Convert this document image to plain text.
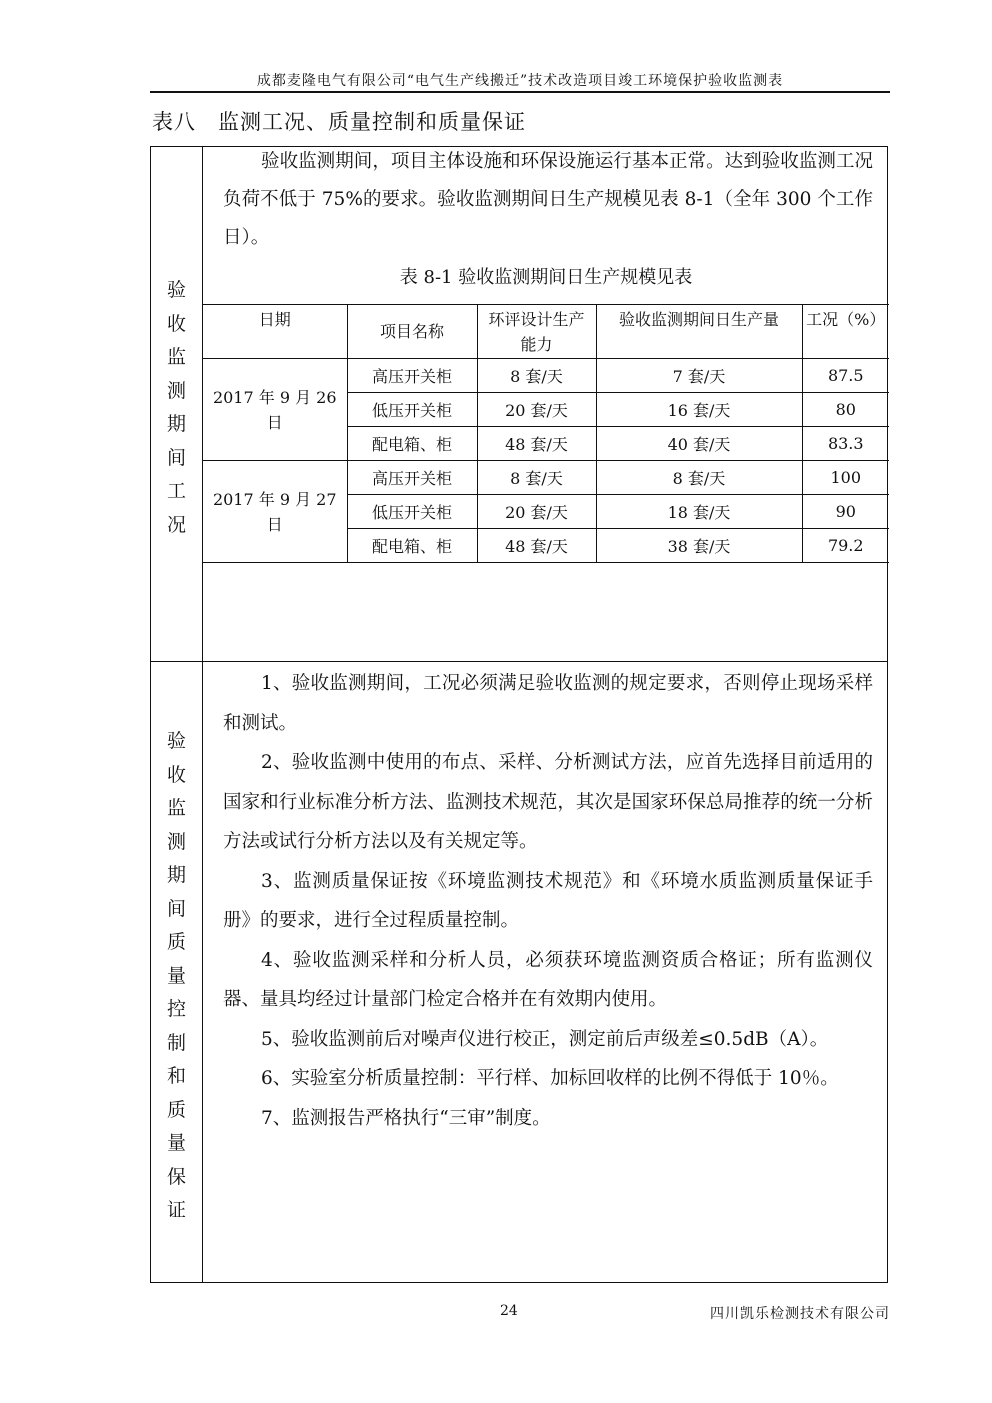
成都麦隆电气有限公司“电气生产线搬迁”技术改造项目竣工环境保护验收监测表
表八　监测工况、质量控制和质量保证
验
收
监
测
期
间
工
况
验收监测期间，项目主体设施和环保设施运行基本正常。达到验收监测工况负荷不低于 75%的要求。验收监测期间日生产规模见表 8-1（全年 300 个工作日）。
表 8-1 验收监测期间日生产规模见表
日期	项目名称	环评设计生产能力	验收监测期间日生产量	工况（%）
2017 年 9 月 26 日	高压开关柜	8 套/天	7 套/天	87.5
	低压开关柜	20 套/天	16 套/天	80
	配电箱、柜	48 套/天	40 套/天	83.3
2017 年 9 月 27 日	高压开关柜	8 套/天	8 套/天	100
	低压开关柜	20 套/天	18 套/天	90
	配电箱、柜	48 套/天	38 套/天	79.2
验
收
监
测
期
间
质
量
控
制
和
质
量
保
证

1、验收监测期间，工况必须满足验收监测的规定要求，否则停止现场采样和测试。

2、验收监测中使用的布点、采样、分析测试方法，应首先选择目前适用的国家和行业标准分析方法、监测技术规范，其次是国家环保总局推荐的统一分析方法或试行分析方法以及有关规定等。

3、监测质量保证按《环境监测技术规范》和《环境水质监测质量保证手册》的要求，进行全过程质量控制。

4、验收监测采样和分析人员，必须获环境监测资质合格证；所有监测仪器、量具均经过计量部门检定合格并在有效期内使用。

5、验收监测前后对噪声仪进行校正，测定前后声级差≤0.5dB（A）。

6、实验室分析质量控制：平行样、加标回收样的比例不得低于 10％。

7、监测报告严格执行“三审”制度。

24	四川凯乐检测技术有限公司
